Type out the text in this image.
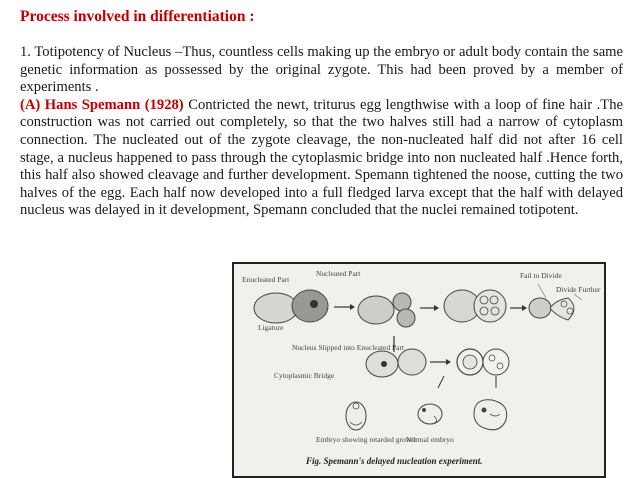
Process involved in differentiation :

1. Totipotency of Nucleus –Thus, countless cells making up the embryo or adult body contain the same genetic information as possessed by the original zygote. This had been proved by a member of experiments .

(A) Hans Spemann (1928) Contricted the newt, triturus egg lengthwise with a loop of fine hair .The construction was not carried out completely, so that the two halves still had a narrow of cytoplasm connection. The nucleated out of the zygote cleavage, the non-nucleated half did not after 16 cell stage, a nucleus happened to pass through the cytoplasmic bridge into non nucleated half .Hence forth, this half also showed cleavage and further development. Spemann tightened the noose, cutting the two halves of the egg. Each half now developed into a full fledged larva except that the half with delayed nucleus was delayed in it development, Spemann concluded that the nuclei remained totipotent.

Enucleated Part
Nucleated Part	Fail to Divide
Divide Further
Ligature
Nucleus Slipped into Enucleated Part
Cytoplasmic Bridge
Embryo showing retarded growth
Normal embryo
Fig. Spemann's delayed nucleation experiment.
